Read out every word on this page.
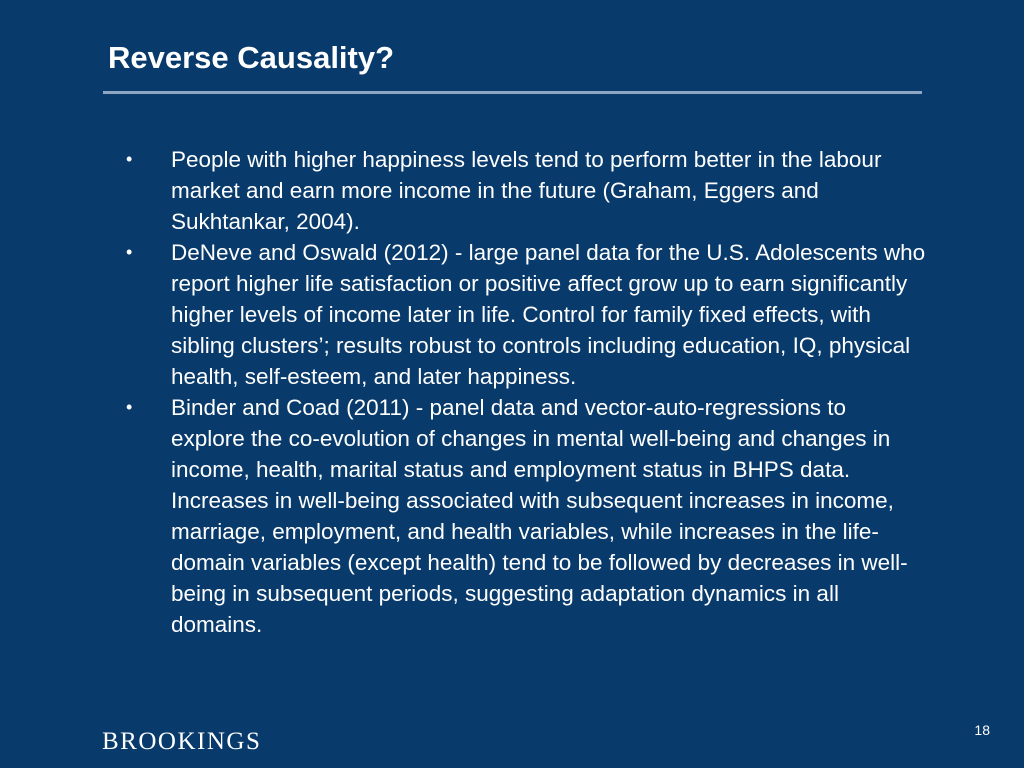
Reverse Causality?
•	People with higher happiness levels tend to perform better in the labour market and earn more income in the future (Graham, Eggers and Sukhtankar, 2004).
•	DeNeve and Oswald (2012) - large panel data for the U.S. Adolescents who report higher life satisfaction or positive affect grow up to earn significantly higher levels of income later in life. Control for family fixed effects, with sibling clusters’; results robust to controls including education, IQ, physical health, self-esteem, and later happiness.
•	Binder and Coad (2011) - panel data and vector-auto-regressions to explore the co-evolution of changes in mental well-being and changes in income, health, marital status and employment status in BHPS data. Increases in well-being associated with subsequent increases in income, marriage, employment, and health variables, while increases in the life-domain variables (except health) tend to be followed by decreases in well-being in subsequent periods, suggesting adaptation dynamics in all domains.
BROOKINGS	18
